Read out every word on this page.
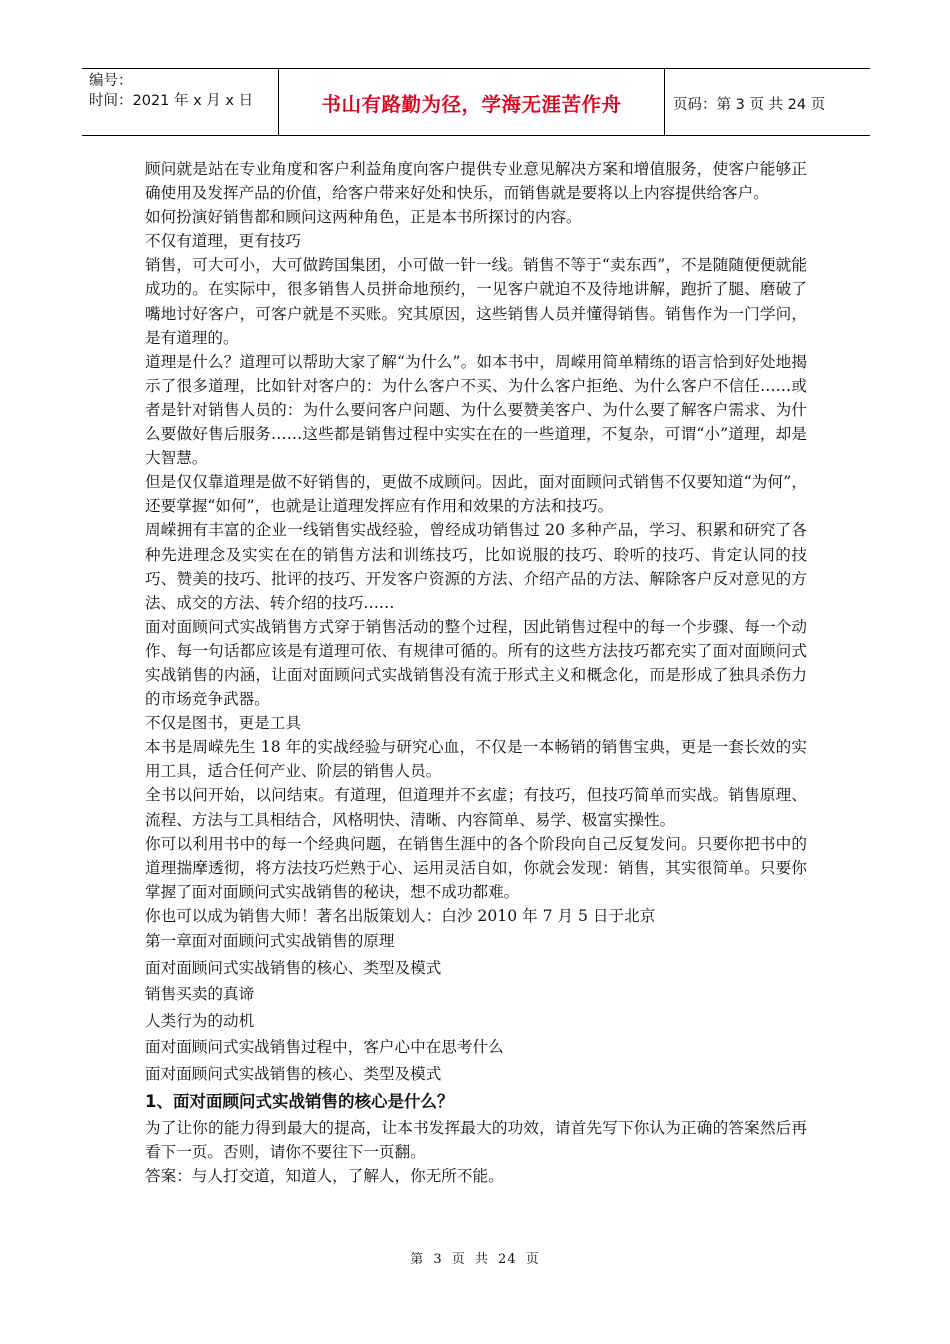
编号：
时间：2021 年 x 月 x 日	书山有路勤为径，学海无涯苦作舟	页码：第 3 页 共 24 页

顾问就是站在专业角度和客户利益角度向客户提供专业意见解决方案和增值服务，使客户能够正确使用及发挥产品的价值，给客户带来好处和快乐，而销售就是要将以上内容提供给客户。

如何扮演好销售都和顾问这两种角色，正是本书所探讨的内容。

不仅有道理，更有技巧

销售，可大可小，大可做跨国集团，小可做一针一线。销售不等于“卖东西”，不是随随便便就能成功的。在实际中，很多销售人员拼命地预约，一见客户就迫不及待地讲解，跑折了腿、磨破了嘴地讨好客户，可客户就是不买账。究其原因，这些销售人员并懂得销售。销售作为一门学问，是有道理的。

道理是什么？道理可以帮助大家了解“为什么”。如本书中，周嵘用简单精练的语言恰到好处地揭示了很多道理，比如针对客户的：为什么客户不买、为什么客户拒绝、为什么客户不信任……或者是针对销售人员的：为什么要问客户问题、为什么要赞美客户、为什么要了解客户需求、为什么要做好售后服务……这些都是销售过程中实实在在的一些道理，不复杂，可谓“小”道理，却是大智慧。

但是仅仅靠道理是做不好销售的，更做不成顾问。因此，面对面顾问式销售不仅要知道“为何”，还要掌握“如何”，也就是让道理发挥应有作用和效果的方法和技巧。

周嵘拥有丰富的企业一线销售实战经验，曾经成功销售过 20 多种产品，学习、积累和研究了各种先进理念及实实在在的销售方法和训练技巧，比如说服的技巧、聆听的技巧、肯定认同的技巧、赞美的技巧、批评的技巧、开发客户资源的方法、介绍产品的方法、解除客户反对意见的方法、成交的方法、转介绍的技巧……

面对面顾问式实战销售方式穿于销售活动的整个过程，因此销售过程中的每一个步骤、每一个动作、每一句话都应该是有道理可依、有规律可循的。所有的这些方法技巧都充实了面对面顾问式实战销售的内涵，让面对面顾问式实战销售没有流于形式主义和概念化，而是形成了独具杀伤力的市场竞争武器。

不仅是图书，更是工具

本书是周嵘先生 18 年的实战经验与研究心血，不仅是一本畅销的销售宝典，更是一套长效的实用工具，适合任何产业、阶层的销售人员。

全书以问开始，以问结束。有道理，但道理并不玄虚；有技巧，但技巧简单而实战。销售原理、流程、方法与工具相结合，风格明快、清晰、内容简单、易学、极富实操性。

你可以利用书中的每一个经典问题，在销售生涯中的各个阶段向自己反复发问。只要你把书中的道理揣摩透彻，将方法技巧烂熟于心、运用灵活自如，你就会发现：销售，其实很简单。只要你掌握了面对面顾问式实战销售的秘诀，想不成功都难。

你也可以成为销售大师！著名出版策划人：白沙 2010 年 7 月 5 日于北京

第一章面对面顾问式实战销售的原理

面对面顾问式实战销售的核心、类型及模式

销售买卖的真谛

人类行为的动机

面对面顾问式实战销售过程中，客户心中在思考什么

面对面顾问式实战销售的核心、类型及模式

1、面对面顾问式实战销售的核心是什么？

为了让你的能力得到最大的提高，让本书发挥最大的功效，请首先写下你认为正确的答案然后再看下一页。否则，请你不要往下一页翻。

答案：与人打交道，知道人，了解人，你无所不能。

第 3 页 共 24 页
